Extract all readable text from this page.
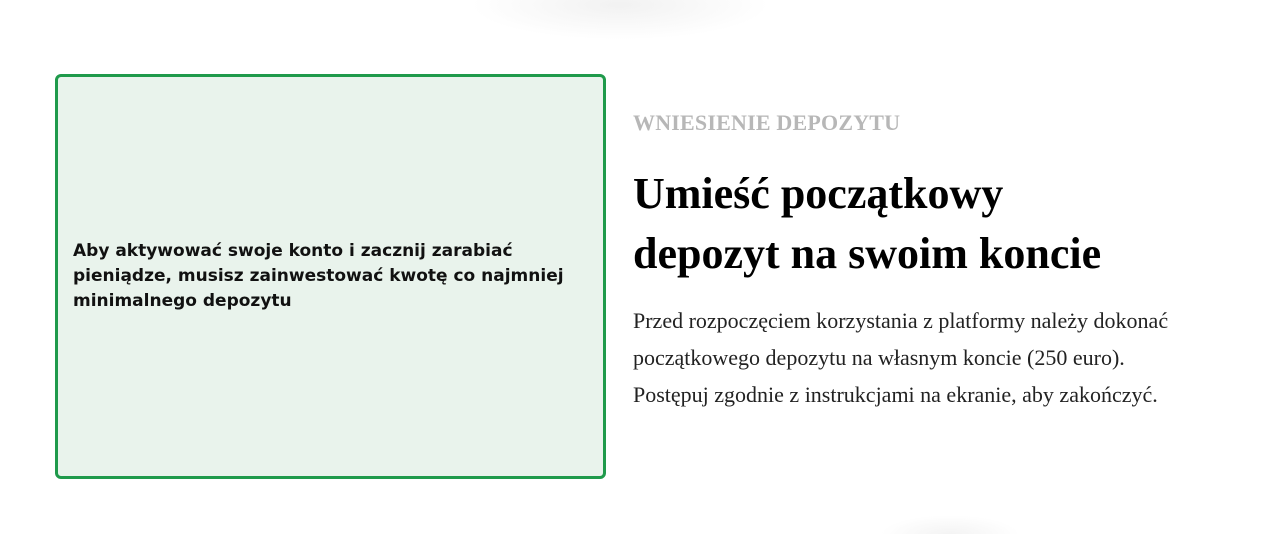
Aby aktywować swoje konto i zacznij zarabiać pieniądze, musisz zainwestować kwotę co najmniej minimalnego depozytu

WNIESIENIE DEPOZYTU

Umieść początkowy depozyt na swoim koncie

Przed rozpoczęciem korzystania z platformy należy dokonać początkowego depozytu na własnym koncie (250 euro). Postępuj zgodnie z instrukcjami na ekranie, aby zakończyć.
